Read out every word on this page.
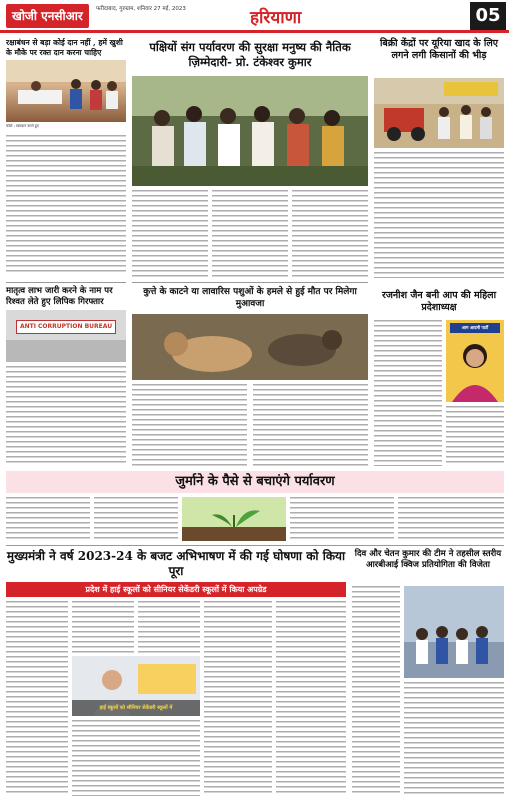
खोजी एनसीआर	फरीदाबाद, गुरुग्राम, शनिवार 27 मई, 2023	हरियाणा	05
रक्षाबंधन से बड़ा कोई दान नहीं , हमें खुशी के मौके पर रक्त दान करना चाहिए
फोटो : रक्तदान करते हुए
पक्षियों संग पर्यावरण की सुरक्षा मनुष्य की नैतिक ज़िम्मेदारी- प्रो. टंकेश्वर कुमार
बिक्री केंद्रों पर यूरिया खाद के लिए लगने लगी किसानों की भीड़
मातृत्व लाभ जारी करने के नाम पर रिश्वत लेते हुए लिपिक गिरफ्तार
ANTI CORRUPTION BUREAU
कुत्ते के काटने या लावारिस पशुओं के हमले से हुई मौत पर मिलेगा मुआवजा
रजनीश जैन बनी आप की महिला प्रदेशाध्यक्ष
आम आदमी पार्टी
जुर्माने के पैसे से बचाएंगे पर्यावरण
मुख्यमंत्री ने वर्ष 2023-24 के बजट अभिभाषण में की गई घोषणा को किया पूरा
प्रदेश में हाई स्कूलों को सीनियर सेकेंडरी स्कूलों में किया अपग्रेड
हाई स्कूलों को सीनियर सेकेंडरी स्कूलों में
दिव और चेतन कुमार की टीम ने तहसील स्तरीय आरबीआई क्विज प्रतियोगिता की विजेता
